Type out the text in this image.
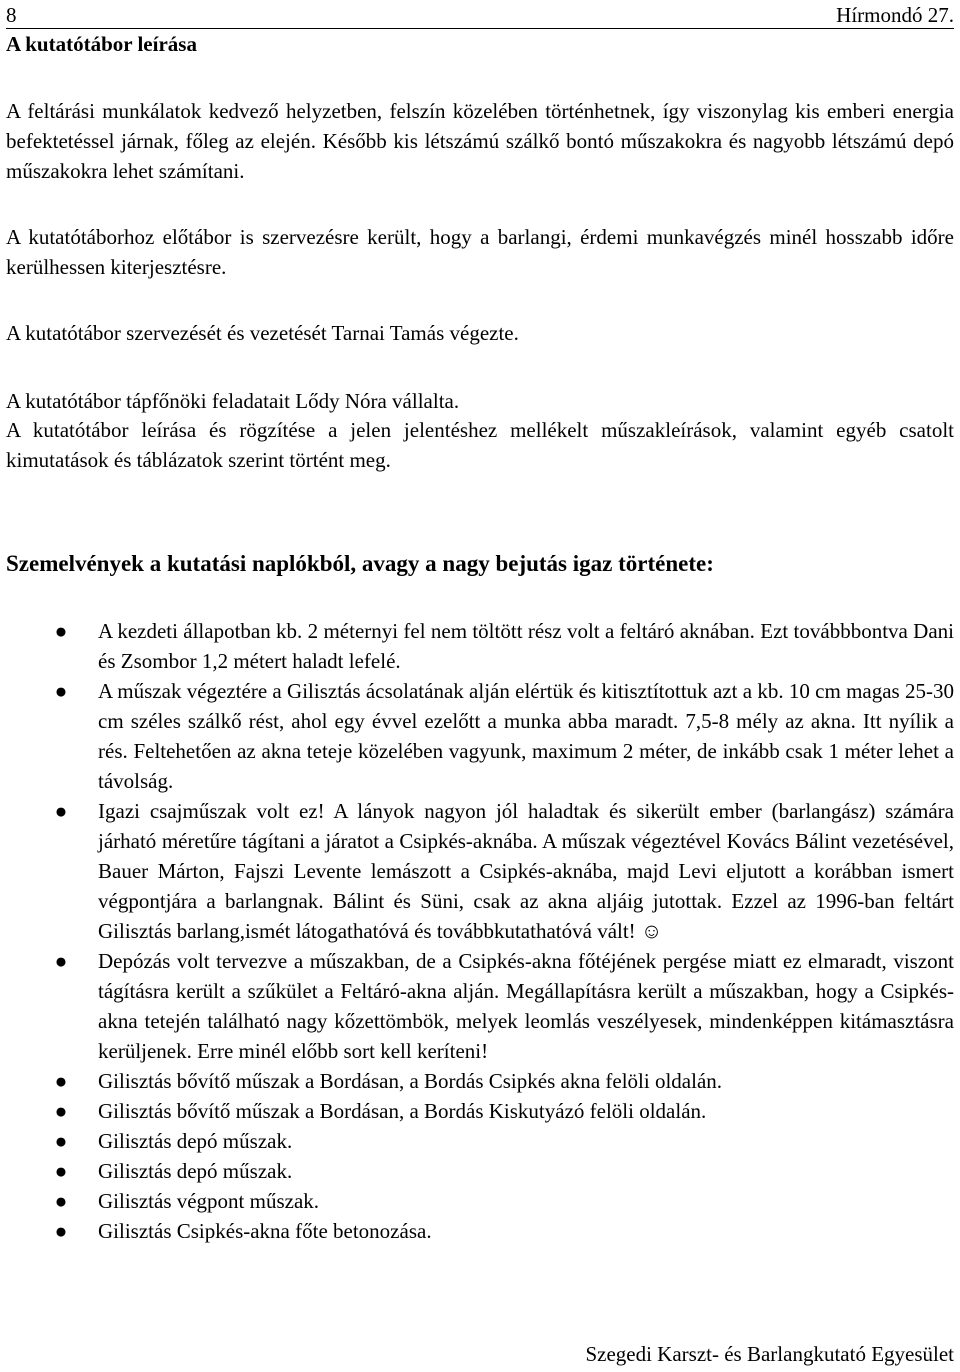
8	Hírmondó 27.
A kutatótábor leírása
A feltárási munkálatok kedvező helyzetben, felszín közelében történhetnek, így viszonylag kis emberi energia befektetéssel járnak, főleg az elején. Később kis létszámú szálkő bontó műszakokra és nagyobb létszámú depó műszakokra lehet számítani.
A kutatótáborhoz előtábor is szervezésre került, hogy a barlangi, érdemi munkavégzés minél hosszabb időre kerülhessen kiterjesztésre.
A kutatótábor szervezését és vezetését Tarnai Tamás végezte.
A kutatótábor tápfőnöki feladatait Lődy Nóra vállalta.
A kutatótábor leírása és rögzítése a jelen jelentéshez mellékelt műszakleírások, valamint egyéb csatolt kimutatások és táblázatok szerint történt meg.
Szemelvények a kutatási naplókból, avagy a nagy bejutás igaz története:
● A kezdeti állapotban kb. 2 méternyi fel nem töltött rész volt a feltáró aknában. Ezt továbbbontva Dani és Zsombor 1,2 métert haladt lefelé.
● A műszak végeztére a Gilisztás ácsolatának alján elértük és kitisztítottuk azt a kb. 10 cm magas 25-30 cm széles szálkő rést, ahol egy évvel ezelőtt a munka abba maradt. 7,5-8 mély az akna. Itt nyílik a rés. Feltehetően az akna teteje közelében vagyunk, maximum 2 méter, de inkább csak 1 méter lehet a távolság.
● Igazi csajműszak volt ez! A lányok nagyon jól haladtak és sikerült ember (barlangász) számára járható méretűre tágítani a járatot a Csipkés-aknába. A műszak végeztével Kovács Bálint vezetésével, Bauer Márton, Fajszi Levente lemászott a Csipkés-aknába, majd Levi eljutott a korábban ismert végpontjára a barlangnak. Bálint és Süni, csak az akna aljáig jutottak. Ezzel az 1996-ban feltárt Gilisztás barlang,ismét látogathatóvá és továbbkutathatóvá vált! ☺
● Depózás volt tervezve a műszakban, de a Csipkés-akna főtéjének pergése miatt ez elmaradt, viszont tágításra került a szűkület a Feltáró-akna alján. Megállapításra került a műszakban, hogy a Csipkés-akna tetején található nagy kőzettömbök, melyek leomlás veszélyesek, mindenképpen kitámasztásra kerüljenek. Erre minél előbb sort kell keríteni!
● Gilisztás bővítő műszak a Bordásan, a Bordás Csipkés akna felöli oldalán.
● Gilisztás bővítő műszak a Bordásan, a Bordás Kiskutyázó felöli oldalán.
● Gilisztás depó műszak.
● Gilisztás depó műszak.
● Gilisztás végpont műszak.
● Gilisztás Csipkés-akna főte betonozása.
Szegedi Karszt- és Barlangkutató Egyesület
